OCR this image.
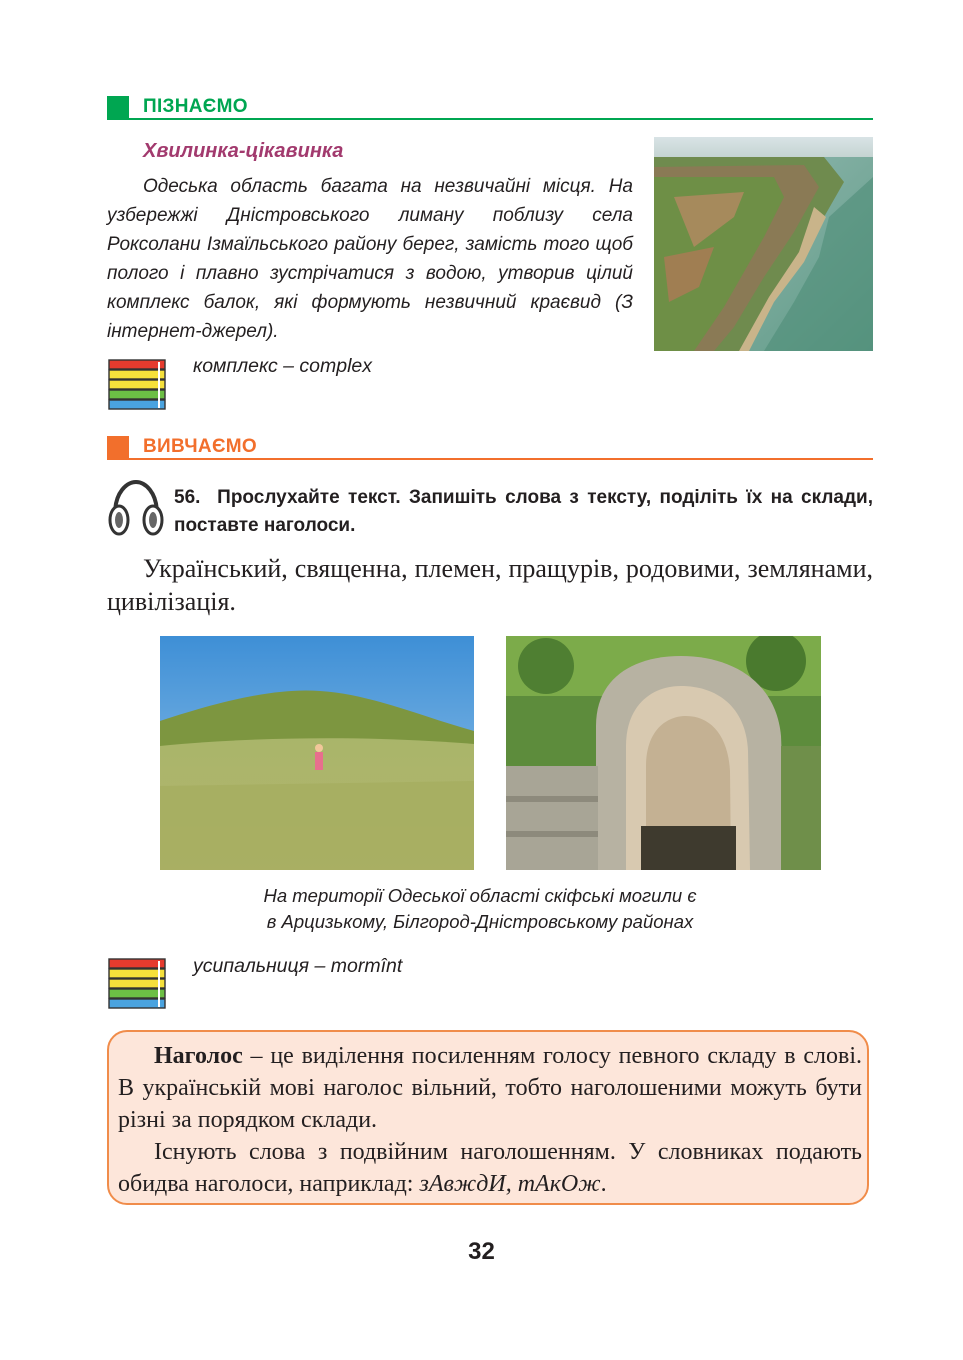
ПІЗНАЄМО
Хвилинка-цікавинка

Одеська область багата на незвичайні місця. На узбережжі Дністровського лиману поблизу села Роксолани Ізмаїльського району берег, замість того щоб полого і плавно зустрічатися з водою, утворив цілий комплекс балок, які формують незвичний краєвид (З інтернет-джерел).

комплекс – complex
ВИВЧАЄМО

56. Прослухайте текст. Запишіть слова з тексту, поділіть їх на склади, поставте наголоси.

Український, священна, племен, пращурів, родовими, землянами, цивілізація.

На території Одеської області скіфські могили є
в Арцизькому, Білгород-Дністровському районах

усипальниця – mormînt

Наголос – це виділення посиленням голосу певного складу в слові. В українській мові наголос вільний, тобто наголошеними можуть бути різні за порядком склади.

Існують слова з подвійним наголошенням. У словниках подають обидва наголоси, наприклад: зАвждИ, тАкОж.

32
